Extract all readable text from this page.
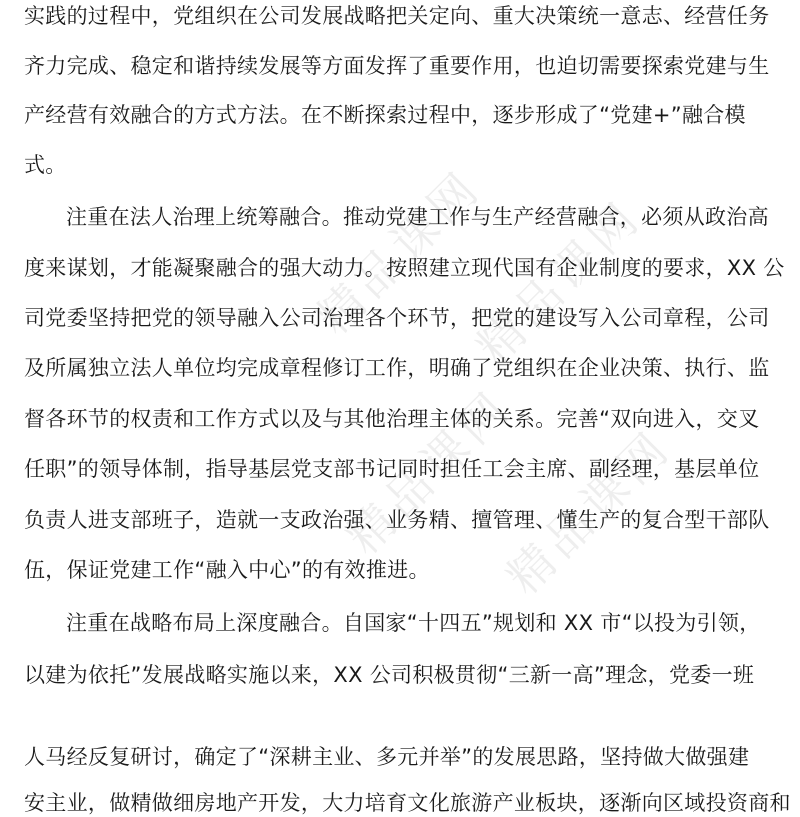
精品课网
精品课网
精品课网
精品课网
实践的过程中，党组织在公司发展战略把关定向、重大决策统一意志、经营任务
齐力完成、稳定和谐持续发展等方面发挥了重要作用，也迫切需要探索党建与生
产经营有效融合的方式方法。在不断探索过程中，逐步形成了“党建+”融合模
式。
注重在法人治理上统筹融合。推动党建工作与生产经营融合，必须从政治高
度来谋划，才能凝聚融合的强大动力。按照建立现代国有企业制度的要求，XX 公
司党委坚持把党的领导融入公司治理各个环节，把党的建设写入公司章程，公司
及所属独立法人单位均完成章程修订工作，明确了党组织在企业决策、执行、监
督各环节的权责和工作方式以及与其他治理主体的关系。完善“双向进入，交叉
任职”的领导体制，指导基层党支部书记同时担任工会主席、副经理，基层单位
负责人进支部班子，造就一支政治强、业务精、擅管理、懂生产的复合型干部队
伍，保证党建工作“融入中心”的有效推进。
注重在战略布局上深度融合。自国家“十四五”规划和 XX 市“以投为引领，
以建为依托”发展战略实施以来，XX 公司积极贯彻“三新一高”理念，党委一班
人马经反复研讨，确定了“深耕主业、多元并举”的发展思路，坚持做大做强建
安主业，做精做细房地产开发，大力培育文化旅游产业板块，逐渐向区域投资商和
